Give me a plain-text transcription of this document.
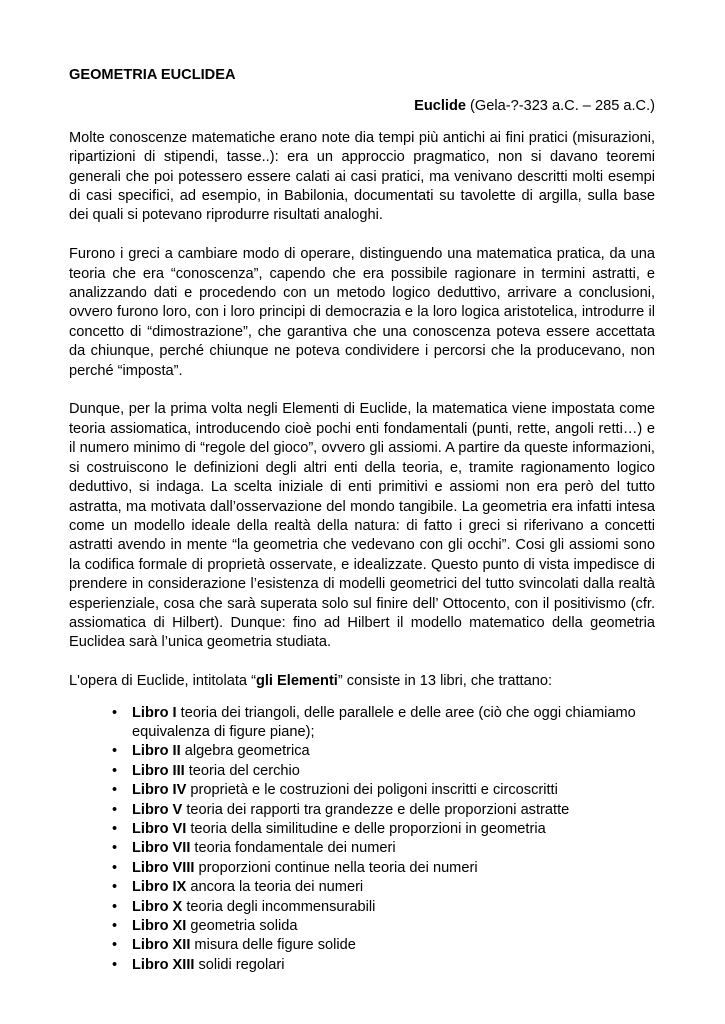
GEOMETRIA EUCLIDEA
Euclide (Gela-?-323 a.C. – 285 a.C.)

Molte conoscenze matematiche erano note dia tempi più antichi ai fini pratici (misurazioni, ripartizioni di stipendi, tasse..): era un approccio pragmatico, non si davano teoremi generali che poi potessero essere calati ai casi pratici, ma venivano descritti molti esempi di casi specifici, ad esempio, in Babilonia, documentati su tavolette di argilla, sulla base dei quali si potevano riprodurre risultati analoghi.

Furono i greci a cambiare modo di operare, distinguendo una matematica pratica, da una teoria che era “conoscenza”, capendo che era possibile ragionare in termini astratti, e analizzando dati e procedendo con un metodo logico deduttivo, arrivare a conclusioni, ovvero furono loro, con i loro principi di democrazia e la loro logica aristotelica, introdurre il concetto di “dimostrazione”, che garantiva che una conoscenza poteva essere accettata da chiunque, perché chiunque ne poteva condividere i percorsi che la producevano, non perché “imposta”.

Dunque, per la prima volta negli Elementi di Euclide, la matematica viene impostata come teoria assiomatica, introducendo cioè pochi enti fondamentali (punti, rette, angoli retti…) e il numero minimo di “regole del gioco”, ovvero gli assiomi. A partire da queste informazioni, si costruiscono le definizioni degli altri enti della teoria, e, tramite ragionamento logico deduttivo, si indaga. La scelta iniziale di enti primitivi e assiomi non era però del tutto astratta, ma motivata dall’osservazione del mondo tangibile. La geometria era infatti intesa come un modello ideale della realtà della natura: di fatto i greci si riferivano a concetti astratti avendo in mente “la geometria che vedevano con gli occhi”. Cosi gli assiomi sono la codifica formale di proprietà osservate, e idealizzate. Questo punto di vista impedisce di prendere in considerazione l’esistenza di modelli geometrici del tutto svincolati dalla realtà esperienziale, cosa che sarà superata solo sul finire dell’ Ottocento, con il positivismo (cfr. assiomatica di Hilbert). Dunque: fino ad Hilbert il modello matematico della geometria Euclidea sarà l’unica geometria studiata.

L'opera di Euclide, intitolata “gli Elementi” consiste in 13 libri, che trattano:

• Libro I teoria dei triangoli, delle parallele e delle aree (ciò che oggi chiamiamo equivalenza di figure piane);
• Libro II algebra geometrica
• Libro III teoria del cerchio
• Libro IV proprietà e le costruzioni dei poligoni inscritti e circoscritti
• Libro V teoria dei rapporti tra grandezze e delle proporzioni astratte
• Libro VI teoria della similitudine e delle proporzioni in geometria
• Libro VII teoria fondamentale dei numeri
• Libro VIII proporzioni continue nella teoria dei numeri
• Libro IX ancora la teoria dei numeri
• Libro X teoria degli incommensurabili
• Libro XI geometria solida
• Libro XII misura delle figure solide
• Libro XIII solidi regolari
